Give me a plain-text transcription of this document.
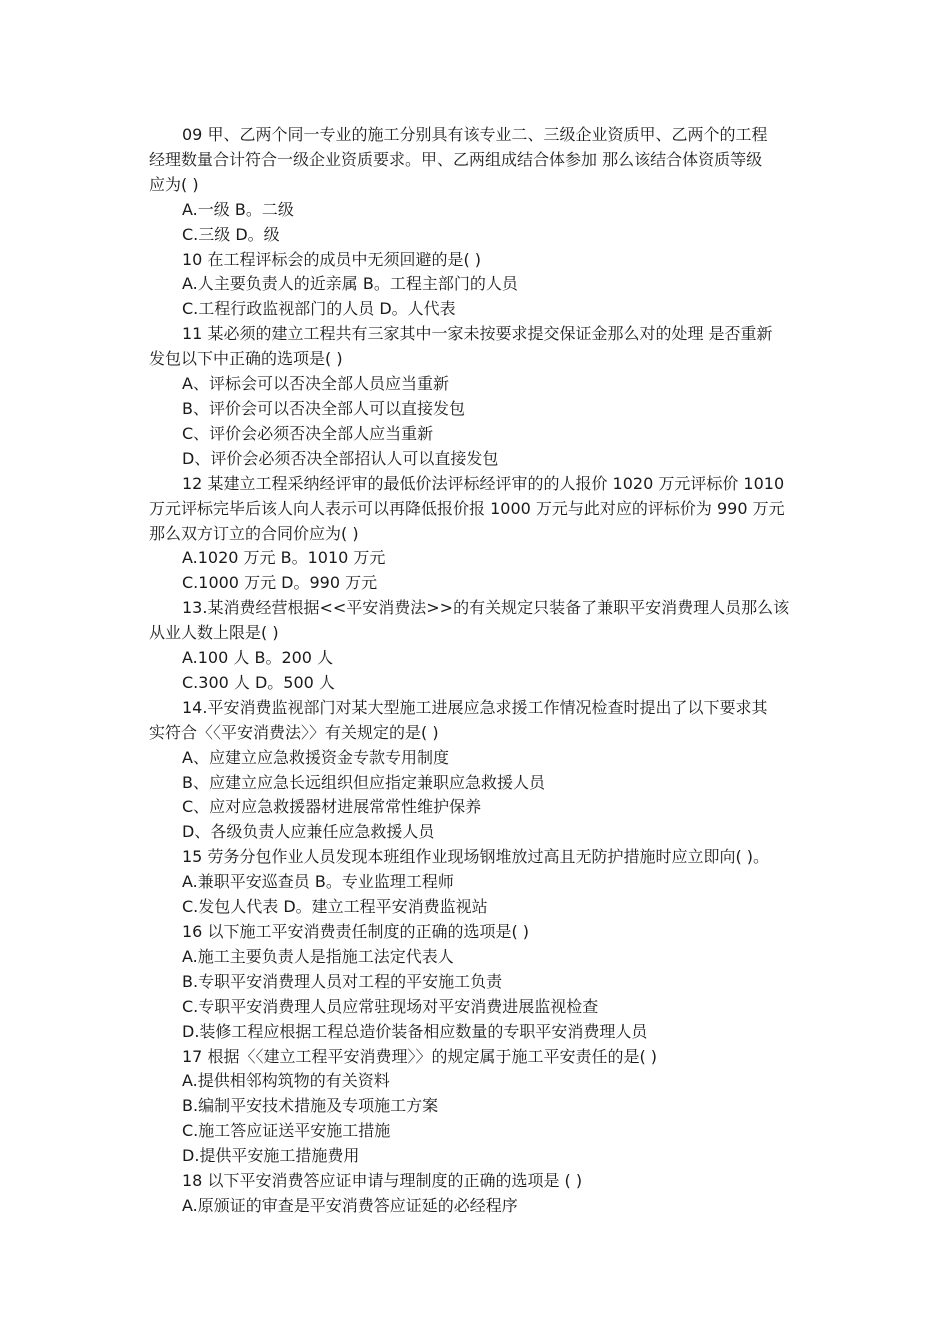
09 甲、乙两个同一专业的施工分别具有该专业二、三级企业资质甲、乙两个的工程

经理数量合计符合一级企业资质要求。甲、乙两组成结合体参加 那么该结合体资质等级

应为( )

A.一级 B。二级

C.三级 D。级

10 在工程评标会的成员中无须回避的是( )

A.人主要负责人的近亲属 B。工程主部门的人员

C.工程行政监视部门的人员 D。人代表

11 某必须的建立工程共有三家其中一家未按要求提交保证金那么对的处理 是否重新

发包以下中正确的选项是( )

A、评标会可以否决全部人员应当重新

B、评价会可以否决全部人可以直接发包

C、评价会必须否决全部人应当重新

D、评价会必须否决全部招认人可以直接发包

12 某建立工程采纳经评审的最低价法评标经评审的的人报价 1020 万元评标价 1010

万元评标完毕后该人向人表示可以再降低报价报 1000 万元与此对应的评标价为 990 万元

那么双方订立的合同价应为( )

A.1020 万元 B。1010 万元

C.1000 万元 D。990 万元

13.某消费经营根据<<平安消费法>>的有关规定只装备了兼职平安消费理人员那么该

从业人数上限是( )

A.100 人 B。200 人

C.300 人 D。500 人

14.平安消费监视部门对某大型施工进展应急求援工作情况检查时提出了以下要求其

实符合〈〈平安消费法〉〉有关规定的是( )

A、应建立应急救援资金专款专用制度

B、应建立应急长远组织但应指定兼职应急救援人员

C、应对应急救援器材进展常常性维护保养

D、各级负责人应兼任应急救援人员

15 劳务分包作业人员发现本班组作业现场钢堆放过高且无防护措施时应立即向( )。

A.兼职平安巡查员 B。专业监理工程师

C.发包人代表 D。建立工程平安消费监视站

16 以下施工平安消费责任制度的正确的选项是( )

A.施工主要负责人是指施工法定代表人

B.专职平安消费理人员对工程的平安施工负责

C.专职平安消费理人员应常驻现场对平安消费进展监视检查

D.装修工程应根据工程总造价装备相应数量的专职平安消费理人员

17 根据〈〈建立工程平安消费理〉〉的规定属于施工平安责任的是( )

A.提供相邻构筑物的有关资料

B.编制平安技术措施及专项施工方案

C.施工答应证送平安施工措施

D.提供平安施工措施费用

18 以下平安消费答应证申请与理制度的正确的选项是 ( )

A.原颁证的审查是平安消费答应证延的必经程序
